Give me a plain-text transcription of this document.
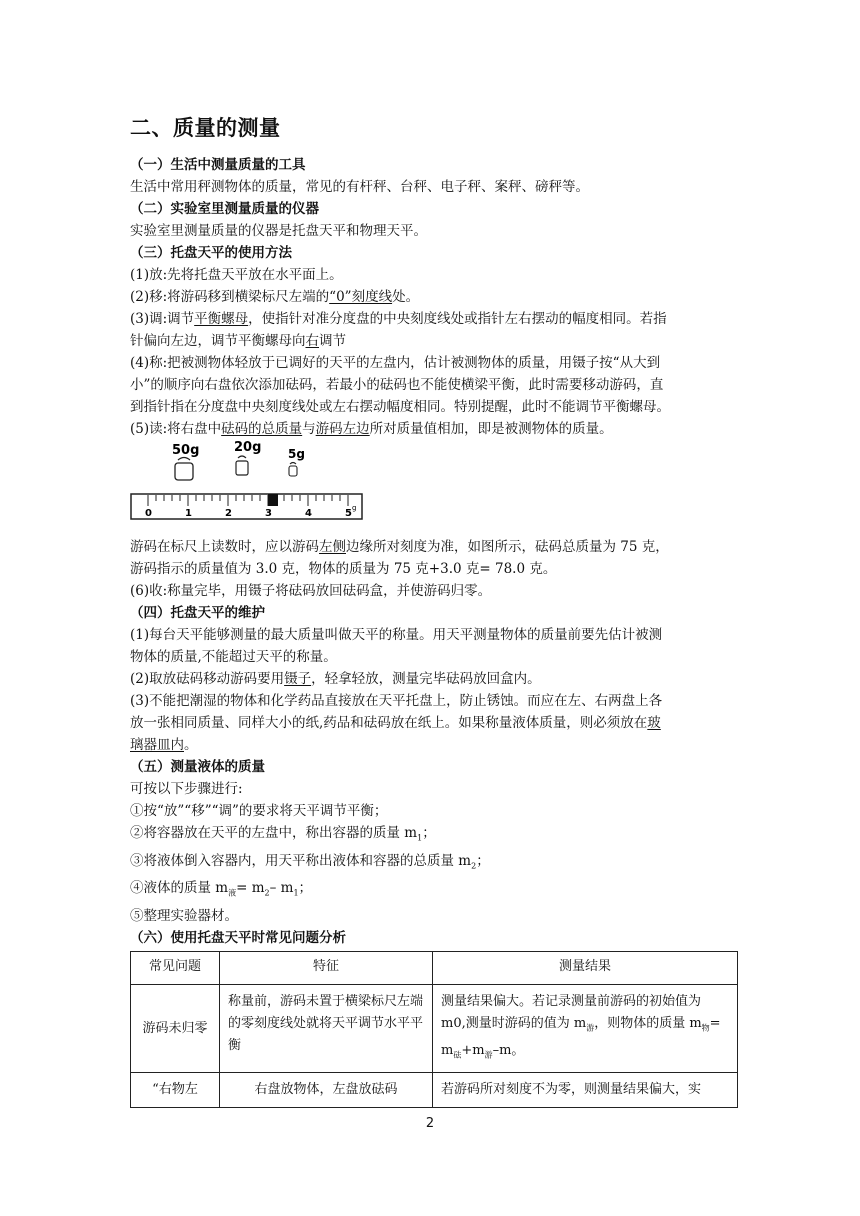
二、质量的测量

（一）生活中测量质量的工具

生活中常用秤测物体的质量，常见的有杆秤、台秤、电子秤、案秤、磅秤等。

（二）实验室里测量质量的仪器

实验室里测量质量的仪器是托盘天平和物理天平。

（三）托盘天平的使用方法

(1)放:先将托盘天平放在水平面上。

(2)移:将游码移到横梁标尺左端的“0”刻度线处。

(3)调:调节平衡螺母，使指针对准分度盘的中央刻度线处或指针左右摆动的幅度相同。若指

针偏向左边，调节平衡螺母向右调节

(4)称:把被测物体轻放于已调好的天平的左盘内，估计被测物体的质量，用镊子按“从大到

小”的顺序向右盘依次添加砝码，若最小的砝码也不能使横梁平衡，此时需要移动游码，直

到指针指在分度盘中央刻度线处或左右摆动幅度相同。特别提醒，此时不能调节平衡螺母。

(5)读:将右盘中砝码的总质量与游码左边所对质量值相加，即是被测物体的质量。

50g	20g 5g
0	1	2	3	4	5 g

游码在标尺上读数时，应以游码左侧边缘所对刻度为准，如图所示，砝码总质量为 75 克，

游码指示的质量值为 3.0 克，物体的质量为 75 克+3.0 克= 78.0 克。

(6)收:称量完毕，用镊子将砝码放回砝码盒，并使游码归零。

（四）托盘天平的维护

(1)每台天平能够测量的最大质量叫做天平的称量。用天平测量物体的质量前要先估计被测

物体的质量,不能超过天平的称量。

(2)取放砝码移动游码要用镊子，轻拿轻放，测量完毕砝码放回盒内。

(3)不能把潮湿的物体和化学药品直接放在天平托盘上，防止锈蚀。而应在左、右两盘上各

放一张相同质量、同样大小的纸,药品和砝码放在纸上。如果称量液体质量，则必须放在玻

璃器皿内。

（五）测量液体的质量

可按以下步骤进行:

①按“放”“移”“调”的要求将天平调节平衡；

②将容器放在天平的左盘中，称出容器的质量 $m_1$；

③将液体倒入容器内，用天平称出液体和容器的总质量 $m_2$；

④液体的质量 $m_液= m_2-$ $m_1$；

⑤整理实验器材。

（六）使用托盘天平时常见问题分析

常见问题	特征	测量结果
游码未归零	称量前，游码未置于横梁标尺左端的零刻度线处就将天平调节水平平衡	测量结果偏大。若记录测量前游码的初始值为 m0,测量时游码的值为 $m_游$，则物体的质量 $m_物= m_砝+m_游-m$。
“右物左	右盘放物体，左盘放砝码	若游码所对刻度不为零，则测量结果偏大，实
2
